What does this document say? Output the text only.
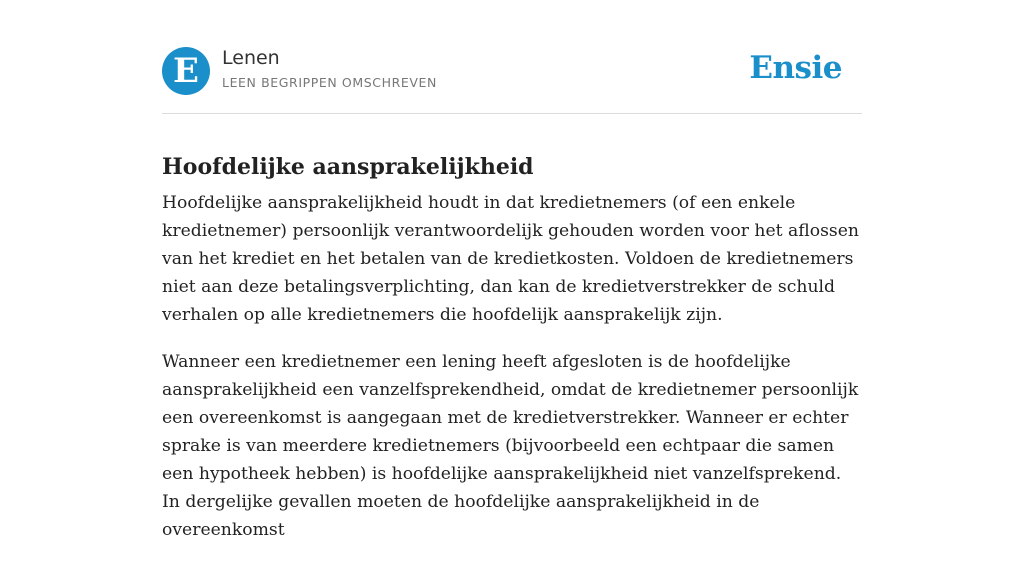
E	Lenen
LEEN BEGRIPPEN OMSCHREVEN	Ensie
Hoofdelijke aansprakelijkheid

Hoofdelijke aansprakelijkheid houdt in dat kredietnemers (of een enkele kredietnemer) persoonlijk verantwoordelijk gehouden worden voor het aflossen van het krediet en het betalen van de kredietkosten. Voldoen de kredietnemers niet aan deze betalingsverplichting, dan kan de kredietverstrekker de schuld verhalen op alle kredietnemers die hoofdelijk aansprakelijk zijn.

Wanneer een kredietnemer een lening heeft afgesloten is de hoofdelijke aansprakelijkheid een vanzelfsprekendheid, omdat de kredietnemer persoonlijk een overeenkomst is aangegaan met de kredietverstrekker. Wanneer er echter sprake is van meerdere kredietnemers (bijvoorbeeld een echtpaar die samen een hypotheek hebben) is hoofdelijke aansprakelijkheid niet vanzelfsprekend. In dergelijke gevallen moeten de hoofdelijke aansprakelijkheid in de overeenkomst
